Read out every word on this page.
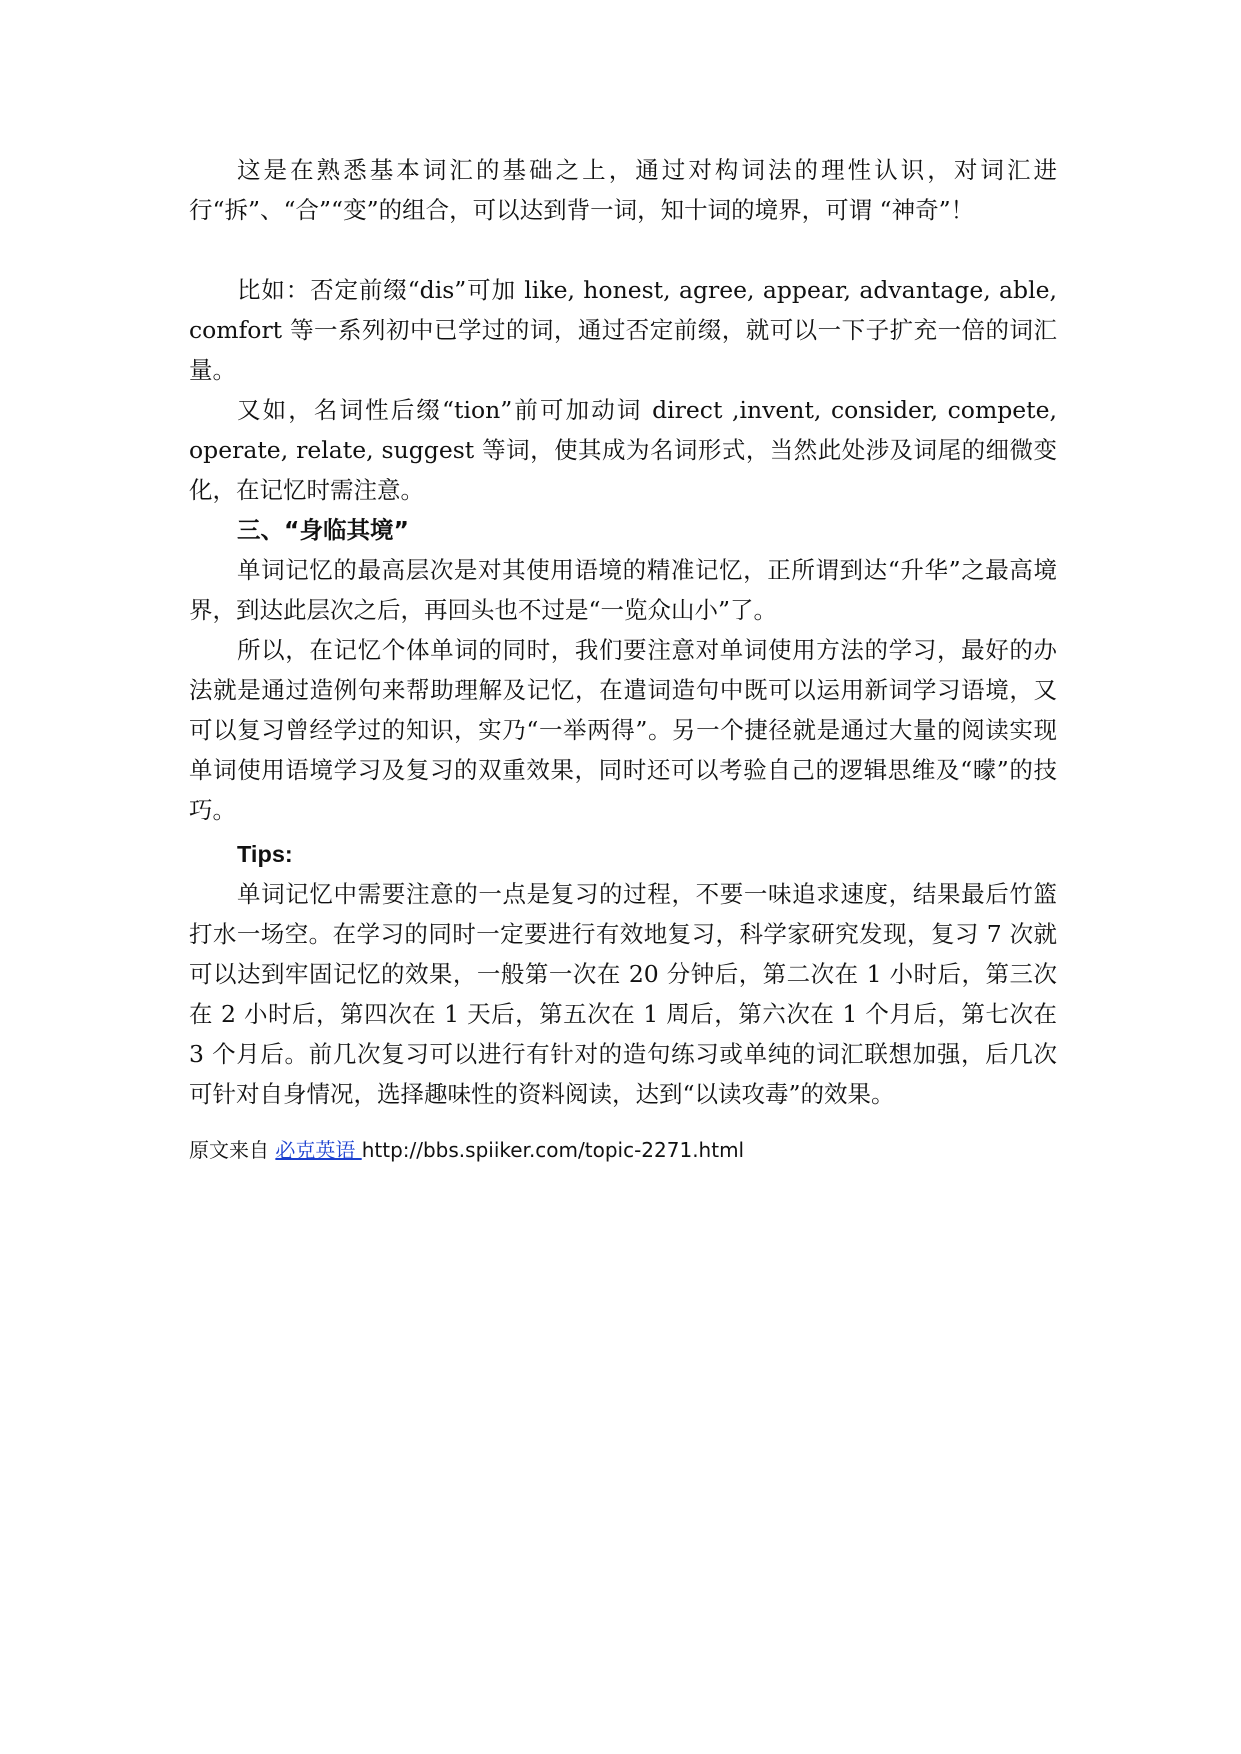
这是在熟悉基本词汇的基础之上，通过对构词法的理性认识，对词汇进行“拆”、“合”“变”的组合，可以达到背一词，知十词的境界，可谓 “神奇”！

比如：否定前缀“dis”可加 like, honest, agree, appear, advantage, able, comfort 等一系列初中已学过的词，通过否定前缀，就可以一下子扩充一倍的词汇量。

又如，名词性后缀“tion”前可加动词 direct ,invent, consider, compete, operate, relate, suggest 等词，使其成为名词形式，当然此处涉及词尾的细微变化，在记忆时需注意。

三、“身临其境”

单词记忆的最高层次是对其使用语境的精准记忆，正所谓到达“升华”之最高境界，到达此层次之后，再回头也不过是“一览众山小”了。

所以，在记忆个体单词的同时，我们要注意对单词使用方法的学习，最好的办法就是通过造例句来帮助理解及记忆，在遣词造句中既可以运用新词学习语境，又可以复习曾经学过的知识，实乃“一举两得”。另一个捷径就是通过大量的阅读实现单词使用语境学习及复习的双重效果，同时还可以考验自己的逻辑思维及“曚”的技巧。

Tips:

单词记忆中需要注意的一点是复习的过程，不要一味追求速度，结果最后竹篮打水一场空。在学习的同时一定要进行有效地复习，科学家研究发现，复习 7 次就可以达到牢固记忆的效果，一般第一次在 20 分钟后，第二次在 1 小时后，第三次在 2 小时后，第四次在 1 天后，第五次在 1 周后，第六次在 1 个月后，第七次在 3 个月后。前几次复习可以进行有针对的造句练习或单纯的词汇联想加强，后几次可针对自身情况，选择趣味性的资料阅读，达到“以读攻毒”的效果。

原文来自 必克英语 http://bbs.spiiker.com/topic-2271.html
